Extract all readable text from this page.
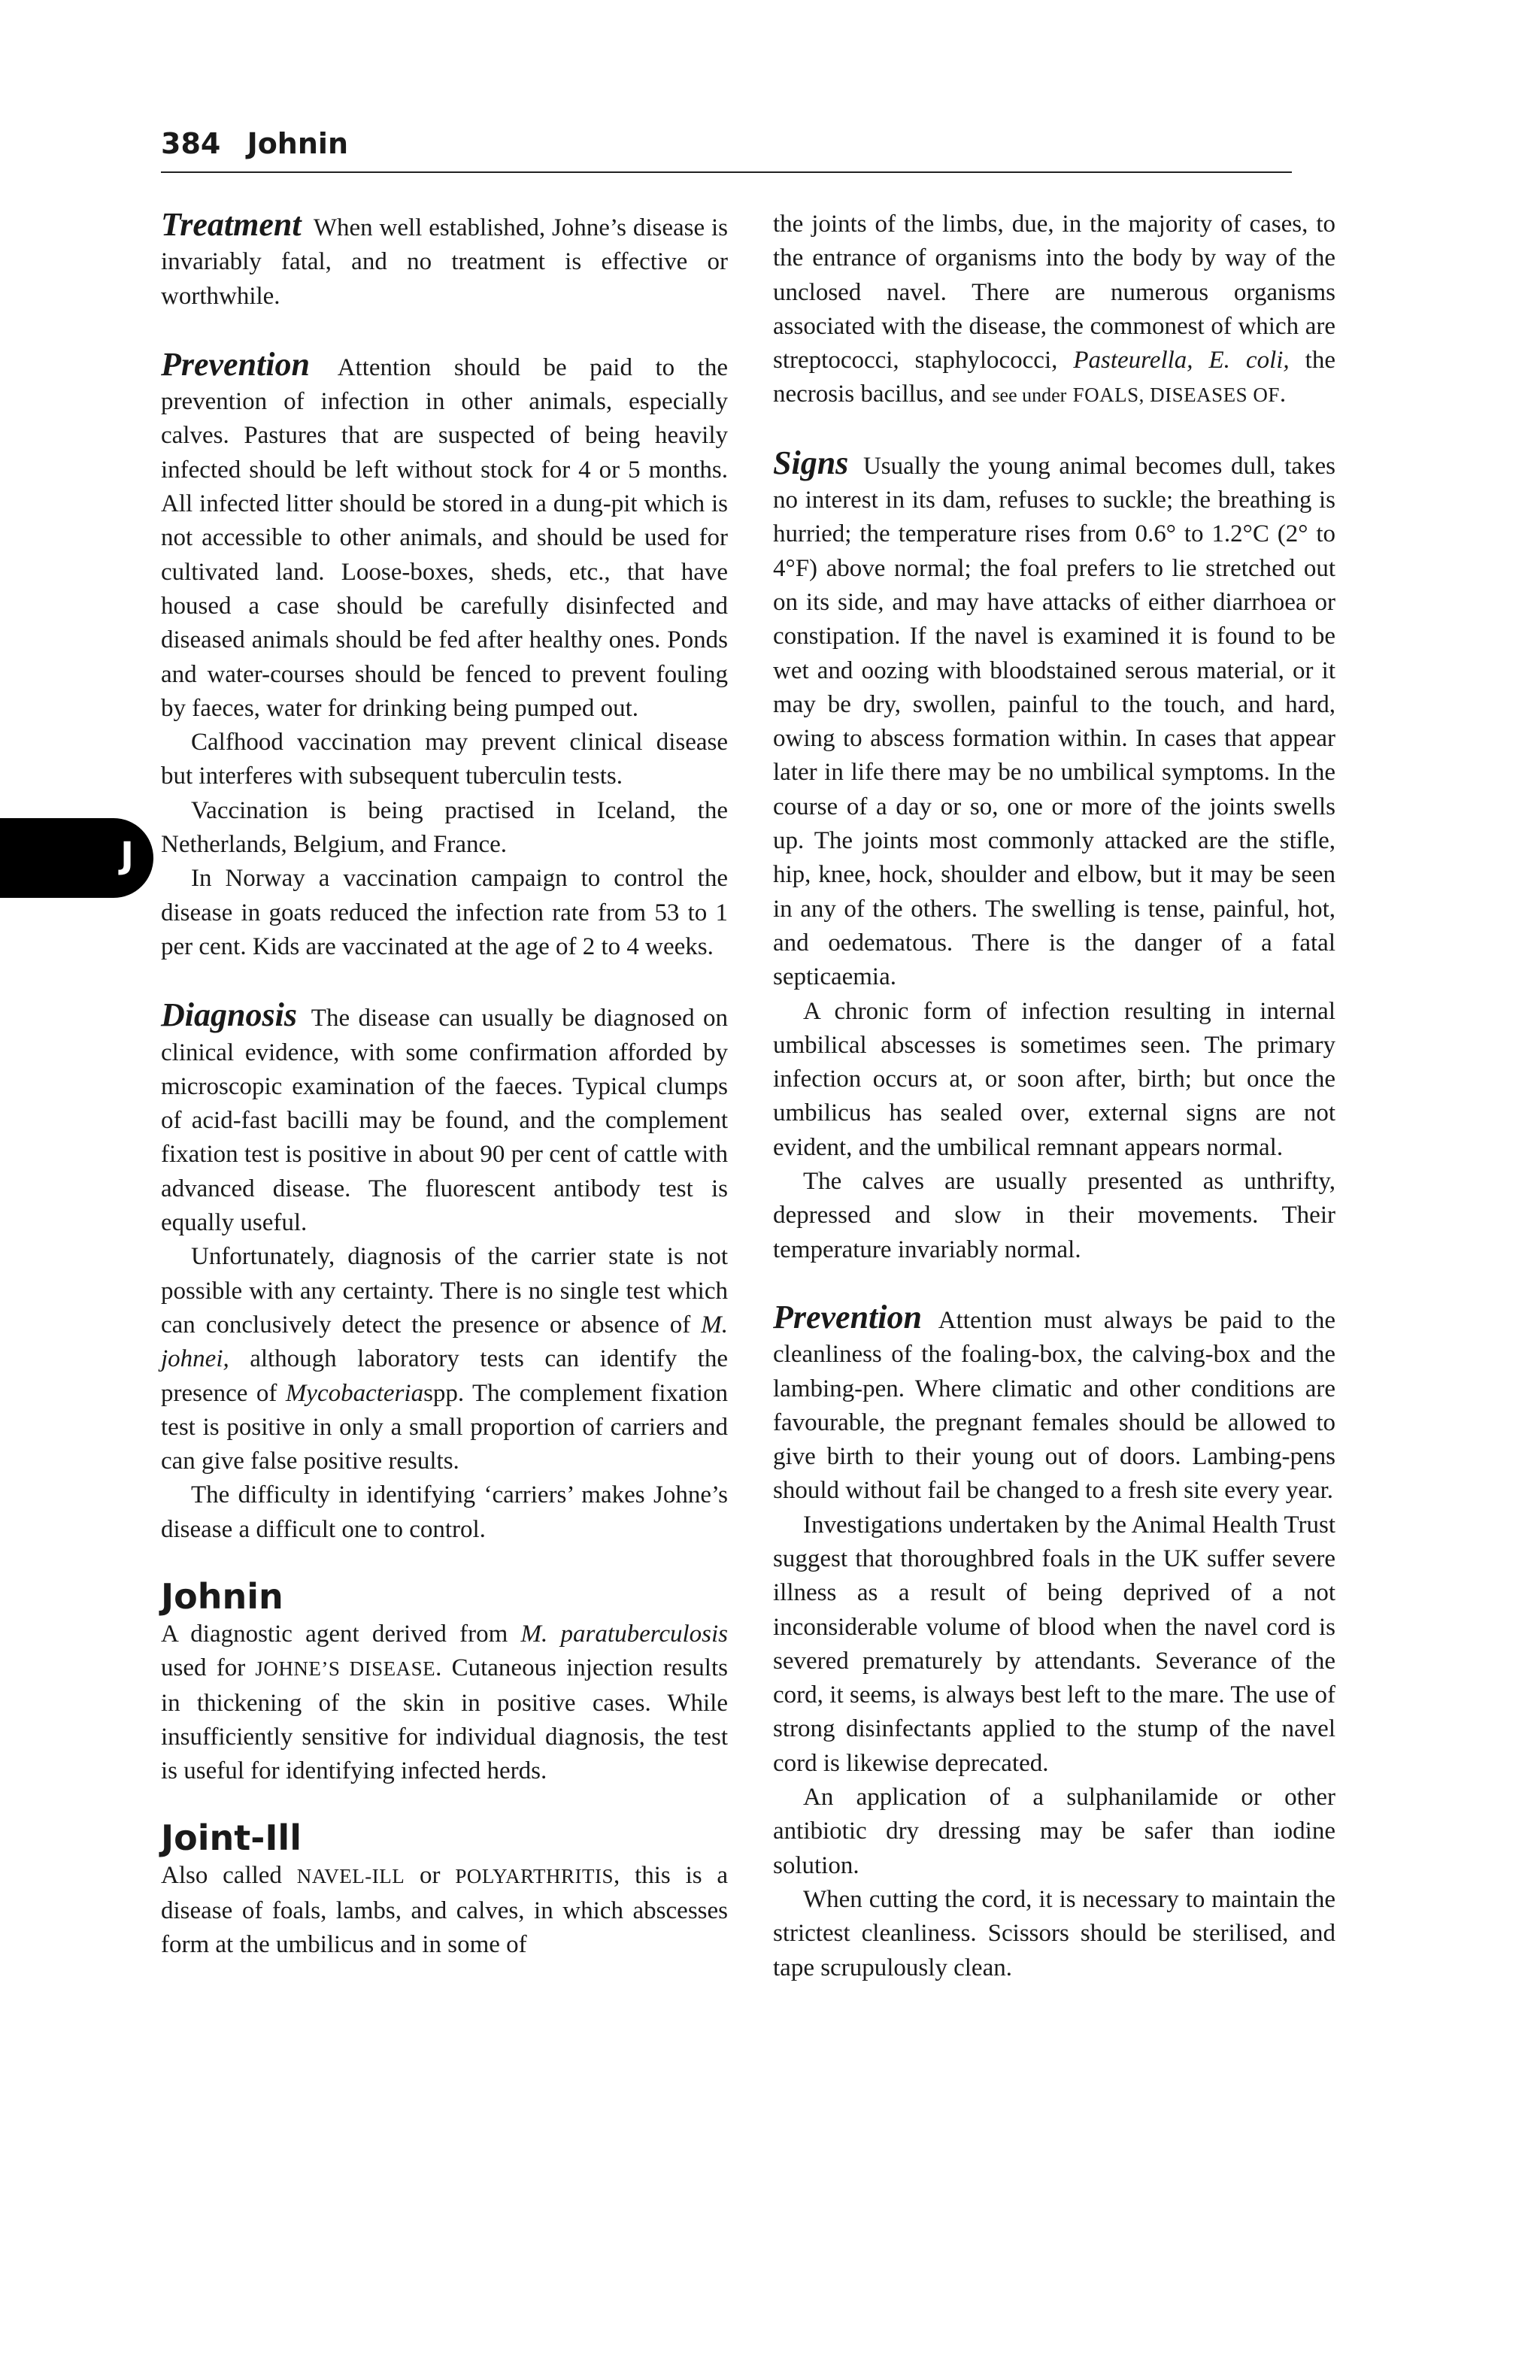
384 Johnin
J

Treatment When well established, Johne’s disease is invariably fatal, and no treatment is effective or worthwhile.

Prevention Attention should be paid to the prevention of infection in other animals, especially calves. Pastures that are suspected of being heavily infected should be left without stock for 4 or 5 months. All infected litter should be stored in a dung-pit which is not accessible to other animals, and should be used for cultivated land. Loose-boxes, sheds, etc., that have housed a case should be carefully disinfected and diseased animals should be fed after healthy ones. Ponds and water-courses should be fenced to prevent fouling by faeces, water for drinking being pumped out.

Calfhood vaccination may prevent clinical disease but interferes with subsequent tuberculin tests.

Vaccination is being practised in Iceland, the Netherlands, Belgium, and France.

In Norway a vaccination campaign to control the disease in goats reduced the infection rate from 53 to 1 per cent. Kids are vaccinated at the age of 2 to 4 weeks.

Diagnosis The disease can usually be diagnosed on clinical evidence, with some confirmation afforded by microscopic examination of the faeces. Typical clumps of acid-fast bacilli may be found, and the complement fixation test is positive in about 90 per cent of cattle with advanced disease. The fluorescent antibody test is equally useful.

Unfortunately, diagnosis of the carrier state is not possible with any certainty. There is no single test which can conclusively detect the presence or absence of M. johnei, although laboratory tests can identify the presence of Mycobacteriaspp. The complement fixation test is positive in only a small proportion of carriers and can give false positive results.

The difficulty in identifying ‘carriers’ makes Johne’s disease a difficult one to control.

Johnin

A diagnostic agent derived from M. paratuberculosis used for JOHNE’S DISEASE. Cutaneous injection results in thickening of the skin in positive cases. While insufficiently sensitive for individual diagnosis, the test is useful for identifying infected herds.

Joint-Ill

Also called NAVEL-ILL or POLYARTHRITIS, this is a disease of foals, lambs, and calves, in which abscesses form at the umbilicus and in some of

the joints of the limbs, due, in the majority of cases, to the entrance of organisms into the body by way of the unclosed navel. There are numerous organisms associated with the disease, the commonest of which are streptococci, staphylococci, Pasteurella, E. coli, the necrosis bacillus, and see under FOALS, DISEASES OF.

Signs Usually the young animal becomes dull, takes no interest in its dam, refuses to suckle; the breathing is hurried; the temperature rises from 0.6° to 1.2°C (2° to 4°F) above normal; the foal prefers to lie stretched out on its side, and may have attacks of either diarrhoea or constipation. If the navel is examined it is found to be wet and oozing with bloodstained serous material, or it may be dry, swollen, painful to the touch, and hard, owing to abscess formation within. In cases that appear later in life there may be no umbilical symptoms. In the course of a day or so, one or more of the joints swells up. The joints most commonly attacked are the stifle, hip, knee, hock, shoulder and elbow, but it may be seen in any of the others. The swelling is tense, painful, hot, and oedematous. There is the danger of a fatal septicaemia.

A chronic form of infection resulting in internal umbilical abscesses is sometimes seen. The primary infection occurs at, or soon after, birth; but once the umbilicus has sealed over, external signs are not evident, and the umbilical remnant appears normal.

The calves are usually presented as unthrifty, depressed and slow in their movements. Their temperature invariably normal.

Prevention Attention must always be paid to the cleanliness of the foaling-box, the calving-box and the lambing-pen. Where climatic and other conditions are favourable, the pregnant females should be allowed to give birth to their young out of doors. Lambing-pens should without fail be changed to a fresh site every year.

Investigations undertaken by the Animal Health Trust suggest that thoroughbred foals in the UK suffer severe illness as a result of being deprived of a not inconsiderable volume of blood when the navel cord is severed prematurely by attendants. Severance of the cord, it seems, is always best left to the mare. The use of strong disinfectants applied to the stump of the navel cord is likewise deprecated.

An application of a sulphanilamide or other antibiotic dry dressing may be safer than iodine solution.

When cutting the cord, it is necessary to maintain the strictest cleanliness. Scissors should be sterilised, and tape scrupulously clean.
